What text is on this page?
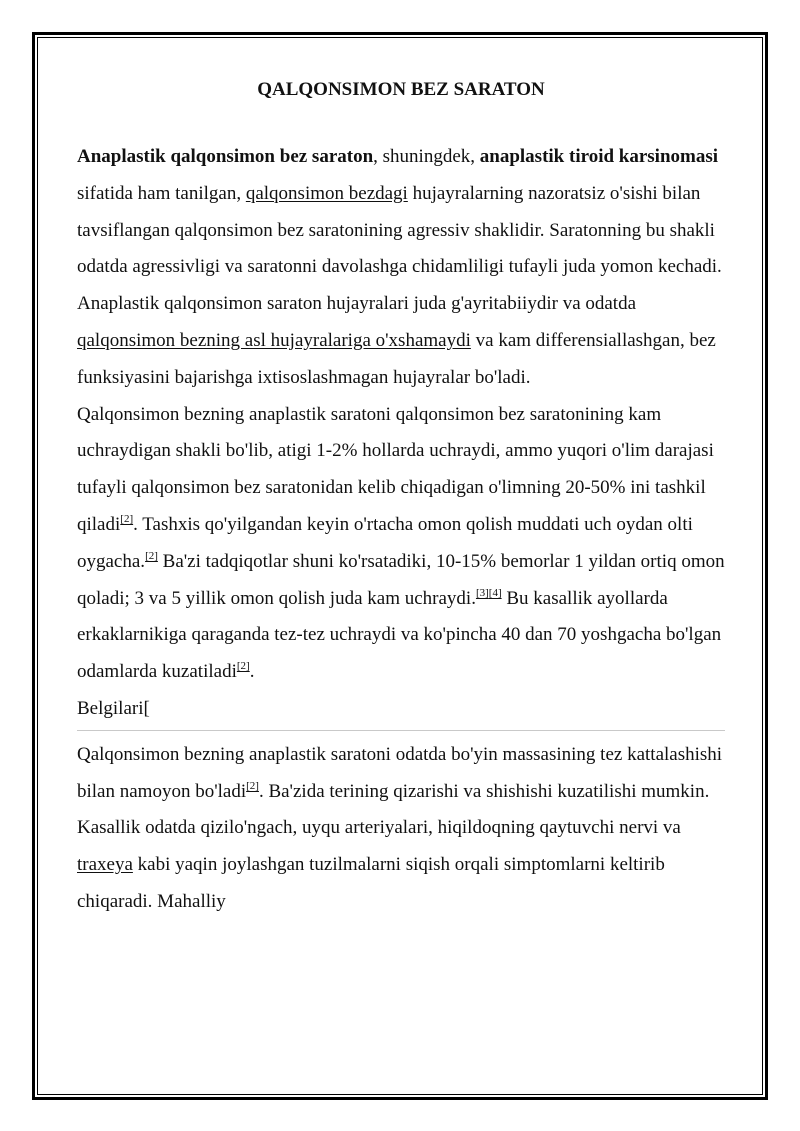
QALQONSIMON BEZ SARATON

Anaplastik qalqonsimon bez saraton, shuningdek, anaplastik tiroid karsinomasi sifatida ham tanilgan, qalqonsimon bezdagi hujayralarning nazoratsiz o'sishi bilan tavsiflangan qalqonsimon bez saratonining agressiv shaklidir. Saratonning bu shakli odatda agressivligi va saratonni davolashga chidamliligi tufayli juda yomon kechadi. Anaplastik qalqonsimon saraton hujayralari juda g'ayritabiiydir va odatda qalqonsimon bezning asl hujayralariga o'xshamaydi va kam differensiallashgan, bez funksiyasini bajarishga ixtisoslashmagan hujayralar bo'ladi.

Qalqonsimon bezning anaplastik saratoni qalqonsimon bez saratonining kam uchraydigan shakli bo'lib, atigi 1-2% hollarda uchraydi, ammo yuqori o'lim darajasi tufayli qalqonsimon bez saratonidan kelib chiqadigan o'limning 20-50% ini tashkil qiladi[2]. Tashxis qo'yilgandan keyin o'rtacha omon qolish muddati uch oydan olti oygacha.[2] Ba'zi tadqiqotlar shuni ko'rsatadiki, 10-15% bemorlar 1 yildan ortiq omon qoladi; 3 va 5 yillik omon qolish juda kam uchraydi.[3][4] Bu kasallik ayollarda erkaklarnikiga qaraganda tez-tez uchraydi va ko'pincha 40 dan 70 yoshgacha bo'lgan odamlarda kuzatiladi[2].

Belgilari[

Qalqonsimon bezning anaplastik saratoni odatda bo'yin massasining tez kattalashishi bilan namoyon bo'ladi[2]. Ba'zida terining qizarishi va shishishi kuzatilishi mumkin. Kasallik odatda qizilo'ngach, uyqu arteriyalari, hiqildoqning qaytuvchi nervi va traxeya kabi yaqin joylashgan tuzilmalarni siqish orqali simptomlarni keltirib chiqaradi. Mahalliy
